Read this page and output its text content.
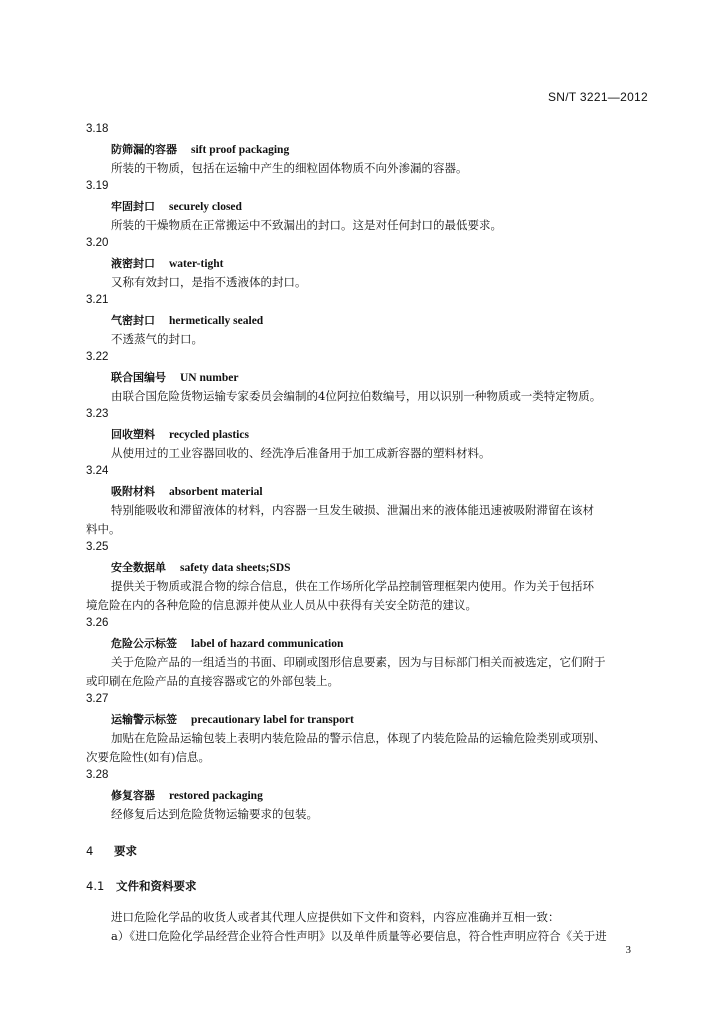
SN/T 3221—2012
3.18
防筛漏的容器 sift proof packaging
所装的干物质，包括在运输中产生的细粒固体物质不向外渗漏的容器。
3.19
牢固封口 securely closed
所装的干燥物质在正常搬运中不致漏出的封口。这是对任何封口的最低要求。
3.20
液密封口 water-tight
又称有效封口，是指不透液体的封口。
3.21
气密封口 hermetically sealed
不透蒸气的封口。
3.22
联合国编号 UN number
由联合国危险货物运输专家委员会编制的4位阿拉伯数编号，用以识别一种物质或一类特定物质。
3.23
回收塑料 recycled plastics
从使用过的工业容器回收的、经洗净后准备用于加工成新容器的塑料材料。
3.24
吸附材料 absorbent material
特别能吸收和滞留液体的材料，内容器一旦发生破损、泄漏出来的液体能迅速被吸附滞留在该材
料中。
3.25
安全数据单 safety data sheets;SDS
提供关于物质或混合物的综合信息，供在工作场所化学品控制管理框架内使用。作为关于包括环
境危险在内的各种危险的信息源并使从业人员从中获得有关安全防范的建议。
3.26
危险公示标签 label of hazard communication
关于危险产品的一组适当的书面、印刷或图形信息要素，因为与目标部门相关而被选定，它们附于
或印刷在危险产品的直接容器或它的外部包装上。
3.27
运输警示标签 precautionary label for transport
加贴在危险品运输包装上表明内装危险品的警示信息，体现了内装危险品的运输危险类别或项别、
次要危险性(如有)信息。
3.28
修复容器 restored packaging
经修复后达到危险货物运输要求的包装。
4 要求
4.1 文件和资料要求
进口危险化学品的收货人或者其代理人应提供如下文件和资料，内容应准确并互相一致：
a）《进口危险化学品经营企业符合性声明》以及单件质量等必要信息，符合性声明应符合《关于进
3
